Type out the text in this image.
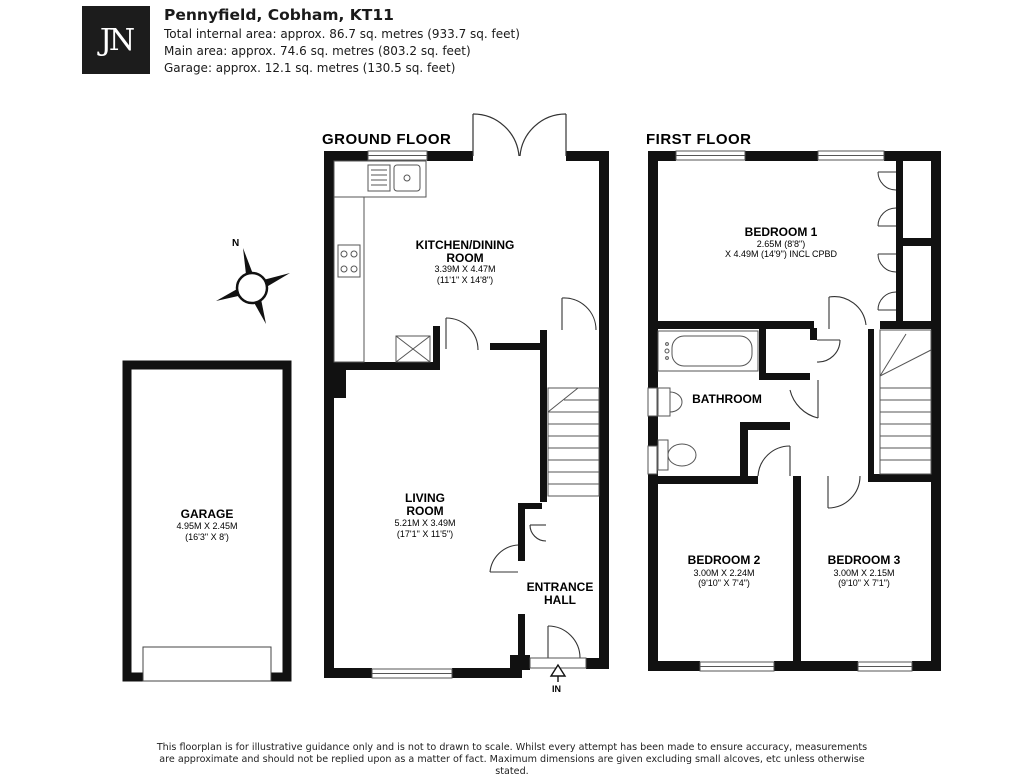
JN
Pennyfield, Cobham, KT11
Total internal area: approx. 86.7 sq. metres (933.7 sq. feet)
Main area: approx. 74.6 sq. metres (803.2 sq. feet)
Garage: approx. 12.1 sq. metres (130.5 sq. feet)
GROUND FLOOR	FIRST FLOOR
N
IN
GARAGE
4.95M X 2.45M
(16'3" X 8')
KITCHEN/DINING
ROOM
3.39M X 4.47M
(11'1" X 14'8")
LIVING
ROOM
5.21M X 3.49M
(17'1" X 11'5")
ENTRANCE
HALL
BEDROOM 1
2.65M (8'8")
X 4.49M (14'9") INCL CPBD
BATHROOM
BEDROOM 2
3.00M X 2.24M
(9'10" X 7'4")
BEDROOM 3
3.00M X 2.15M
(9'10" X 7'1")
This floorplan is for illustrative guidance only and is not to drawn to scale. Whilst every attempt has been made to ensure accuracy, measurements are approximate and should not be replied upon as a matter of fact. Maximum dimensions are given excluding small alcoves, etc unless otherwise stated.
